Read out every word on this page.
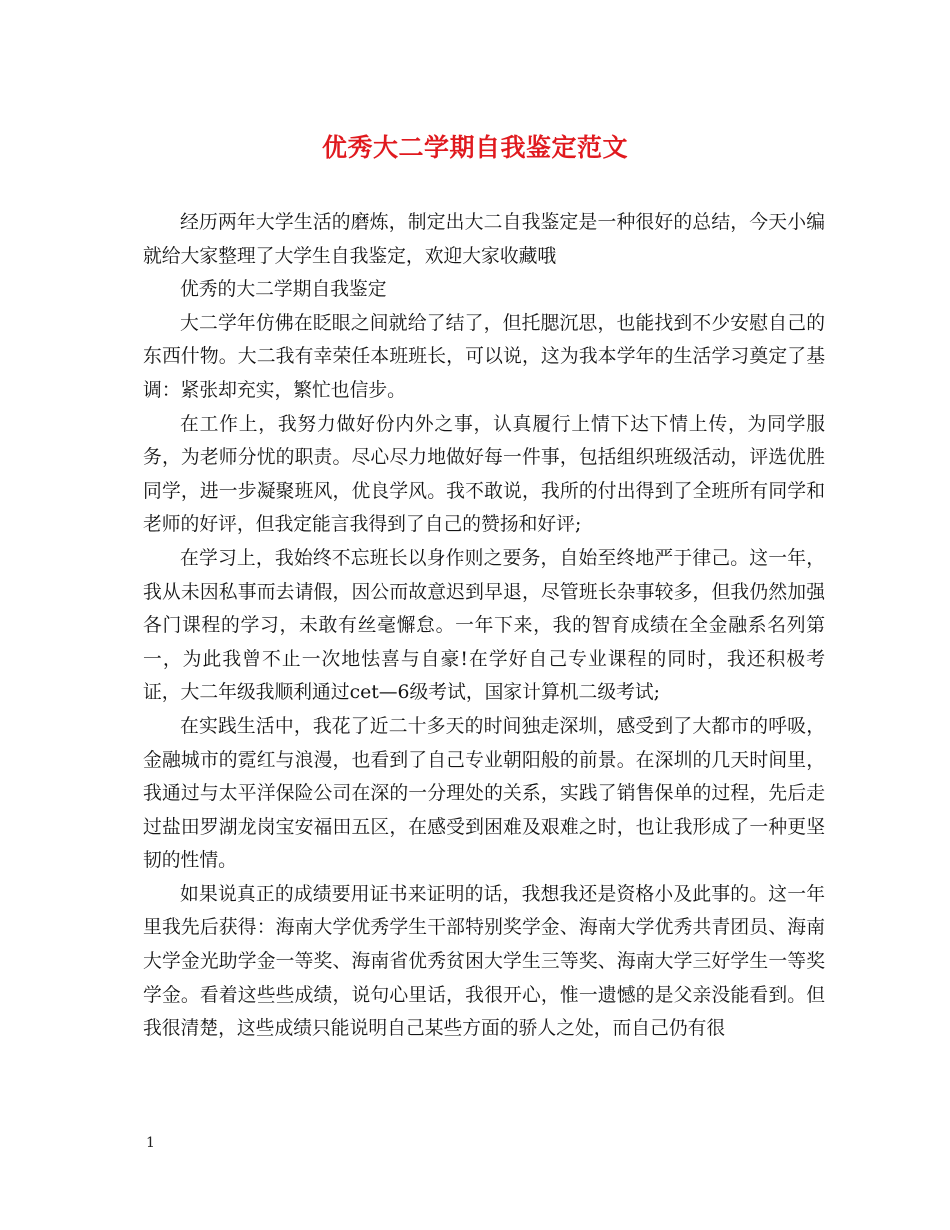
优秀大二学期自我鉴定范文

经历两年大学生活的磨炼，制定出大二自我鉴定是一种很好的总结，今天小编就给大家整理了大学生自我鉴定，欢迎大家收藏哦

优秀的大二学期自我鉴定

大二学年仿佛在眨眼之间就给了结了，但托腮沉思，也能找到不少安慰自己的东西什物。大二我有幸荣任本班班长，可以说，这为我本学年的生活学习奠定了基调：紧张却充实，繁忙也信步。

在工作上，我努力做好份内外之事，认真履行上情下达下情上传，为同学服务，为老师分忧的职责。尽心尽力地做好每一件事，包括组织班级活动，评选优胜同学，进一步凝聚班风，优良学风。我不敢说，我所的付出得到了全班所有同学和老师的好评，但我定能言我得到了自己的赞扬和好评;

在学习上，我始终不忘班长以身作则之要务，自始至终地严于律己。这一年，我从未因私事而去请假，因公而故意迟到早退，尽管班长杂事较多，但我仍然加强各门课程的学习，未敢有丝毫懈怠。一年下来，我的智育成绩在全金融系名列第一，为此我曾不止一次地怯喜与自豪!在学好自己专业课程的同时，我还积极考证，大二年级我顺利通过cet—6级考试，国家计算机二级考试;

在实践生活中，我花了近二十多天的时间独走深圳，感受到了大都市的呼吸，金融城市的霓红与浪漫，也看到了自己专业朝阳般的前景。在深圳的几天时间里，我通过与太平洋保险公司在深的一分理处的关系，实践了销售保单的过程，先后走过盐田罗湖龙岗宝安福田五区，在感受到困难及艰难之时，也让我形成了一种更坚韧的性情。

如果说真正的成绩要用证书来证明的话，我想我还是资格小及此事的。这一年里我先后获得：海南大学优秀学生干部特别奖学金、海南大学优秀共青团员、海南大学金光助学金一等奖、海南省优秀贫困大学生三等奖、海南大学三好学生一等奖学金。看着这些些成绩，说句心里话，我很开心，惟一遗憾的是父亲没能看到。但我很清楚，这些成绩只能说明自己某些方面的骄人之处，而自己仍有很

1
